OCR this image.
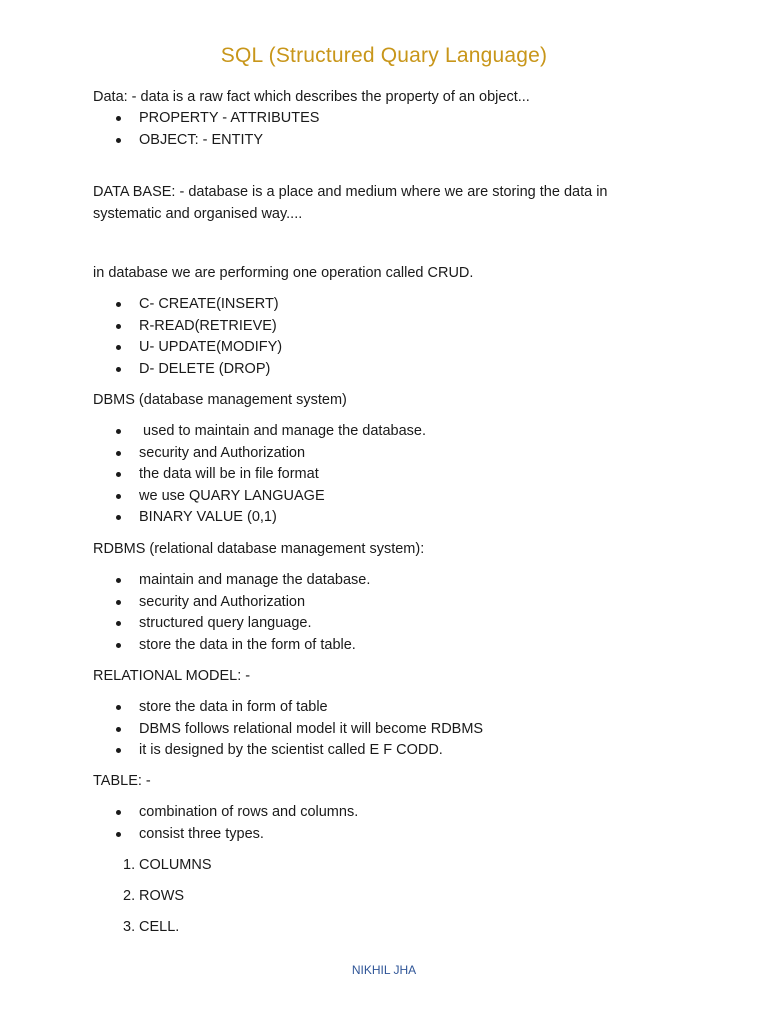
SQL (Structured Quary Language)

Data: - data is a raw fact which describes the property of an object...

PROPERTY - ATTRIBUTES
OBJECT: - ENTITY

DATA BASE: - database is a place and medium where we are storing the data in systematic and organised way....

in database we are performing one operation called CRUD.

C- CREATE(INSERT)
R-READ(RETRIEVE)
U- UPDATE(MODIFY)
D- DELETE (DROP)

DBMS (database management system)

used to maintain and manage the database.
security and Authorization
the data will be in file format
we use QUARY LANGUAGE
BINARY VALUE (0,1)

RDBMS (relational database management system):

maintain and manage the database.
security and Authorization
structured query language.
store the data in the form of table.

RELATIONAL MODEL: -

store the data in form of table
DBMS follows relational model it will become RDBMS
it is designed by the scientist called E F CODD.

TABLE: -

combination of rows and columns.
consist three types.
1. COLUMNS
2. ROWS
3. CELL.
NIKHIL JHA
